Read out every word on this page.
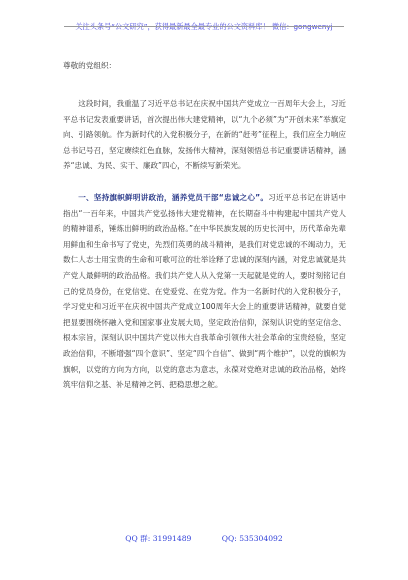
尊敬的党组织：

这段时间，我重温了习近平总书记在庆祝中国共产党成立一百周年大会上，习近平总书记发表重要讲话，首次提出伟大建党精神，以“九个必须”为“开创未来”举旗定向、引路领航。作为新时代的入党积极分子，在新的“赶考”征程上，我们应全力响应总书记号召，坚定赓续红色血脉，发扬伟大精神，深刻领悟总书记重要讲话精神，涵养“忠诚、为民、实干、廉政”四心，不断续写新荣光。

一、坚持旗帜鲜明讲政治，涵养党员干部“忠诚之心”。习近平总书记在讲话中指出“一百年来，中国共产党弘扬伟大建党精神，在长期奋斗中构建起中国共产党人的精神谱系，锤炼出鲜明的政治品格。”在中华民族发展的历史长河中，历代革命先辈用鲜血和生命书写了党史，先烈们英勇的战斗精神，是我们对党忠诚的不竭动力，无数仁人志士用宝贵的生命和可歌可泣的壮举诠释了忠诚的深刻内涵，对党忠诚就是共产党人最鲜明的政治品格。我们共产党人从入党第一天起就是党的人，要时刻铭记自己的党员身份，在党信党、在党爱党、在党为党。作为一名新时代的入党积极分子，学习党史和习近平在庆祝中国共产党成立100周年大会上的重要讲话精神，就要自觉把显要围绕怀融入党和国家事业发展大局，坚定政治信仰，深刻认识党的坚定信念、根本宗旨，深刻认识中国共产党以伟大自我革命引领伟大社会革命的宝贵经验，坚定政治信仰，不断增强“四个意识”、坚定“四个自信”、做到“两个维护”，以党的旗帜为旗帜，以党的方向为方向，以党的意志为意志，永葆对党绝对忠诚的政治品格，始终筑牢信仰之基、补足精神之钙、把稳思想之舵。

QQ 群: 31991489	QQ: 535304092
